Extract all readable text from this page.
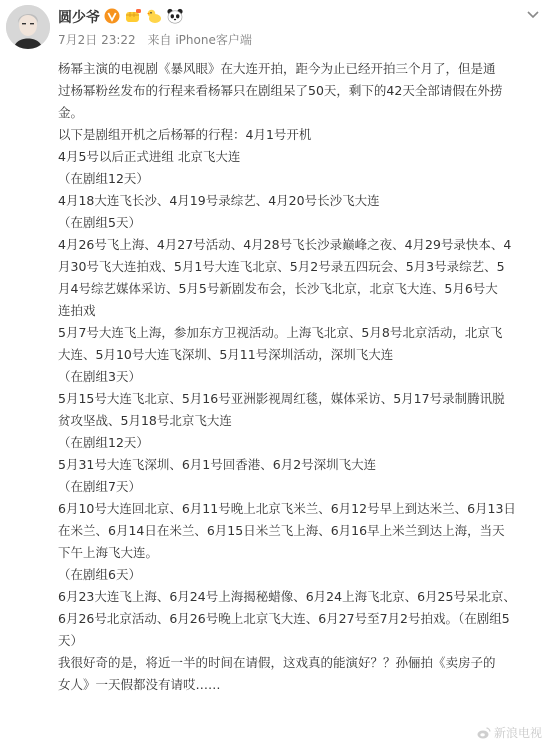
圆少爷
7月2日 23:22 来自 iPhone客户端

杨幂主演的电视剧《暴风眼》在大连开拍，距今为止已经开拍三个月了，但是通

过杨幂粉丝发布的行程来看杨幂只在剧组呆了50天，剩下的42天全部请假在外捞

金。

以下是剧组开机之后杨幂的行程：4月1号开机

4月5号以后正式进组 北京飞大连

（在剧组12天）

4月18大连飞长沙、4月19号录综艺、4月20号长沙飞大连

（在剧组5天）

4月26号飞上海、4月27号活动、4月28号飞长沙录巅峰之夜、4月29号录快本、4

月30号飞大连拍戏、5月1号大连飞北京、5月2号录五四玩会、5月3号录综艺、5

月4号综艺媒体采访、5月5号新剧发布会，长沙飞北京，北京飞大连、5月6号大

连拍戏

5月7号大连飞上海，参加东方卫视活动。上海飞北京、5月8号北京活动，北京飞

大连、5月10号大连飞深圳、5月11号深圳活动，深圳飞大连

（在剧组3天）

5月15号大连飞北京、5月16号亚洲影视周红毯，媒体采访、5月17号录制腾讯脱

贫攻坚战、5月18号北京飞大连

（在剧组12天）

5月31号大连飞深圳、6月1号回香港、6月2号深圳飞大连

（在剧组7天）

6月10号大连回北京、6月11号晚上北京飞米兰、6月12号早上到达米兰、6月13日

在米兰、6月14日在米兰、6月15日米兰飞上海、6月16早上米兰到达上海，当天

下午上海飞大连。

（在剧组6天）

6月23大连飞上海、6月24号上海揭秘蜡像、6月24上海飞北京、6月25号呆北京、

6月26号北京活动、6月26号晚上北京飞大连、6月27号至7月2号拍戏。（在剧组5

天）

我很好奇的是，将近一半的时间在请假，这戏真的能演好？？孙俪拍《卖房子的

女人》一天假都没有请哎……

新浪电视
